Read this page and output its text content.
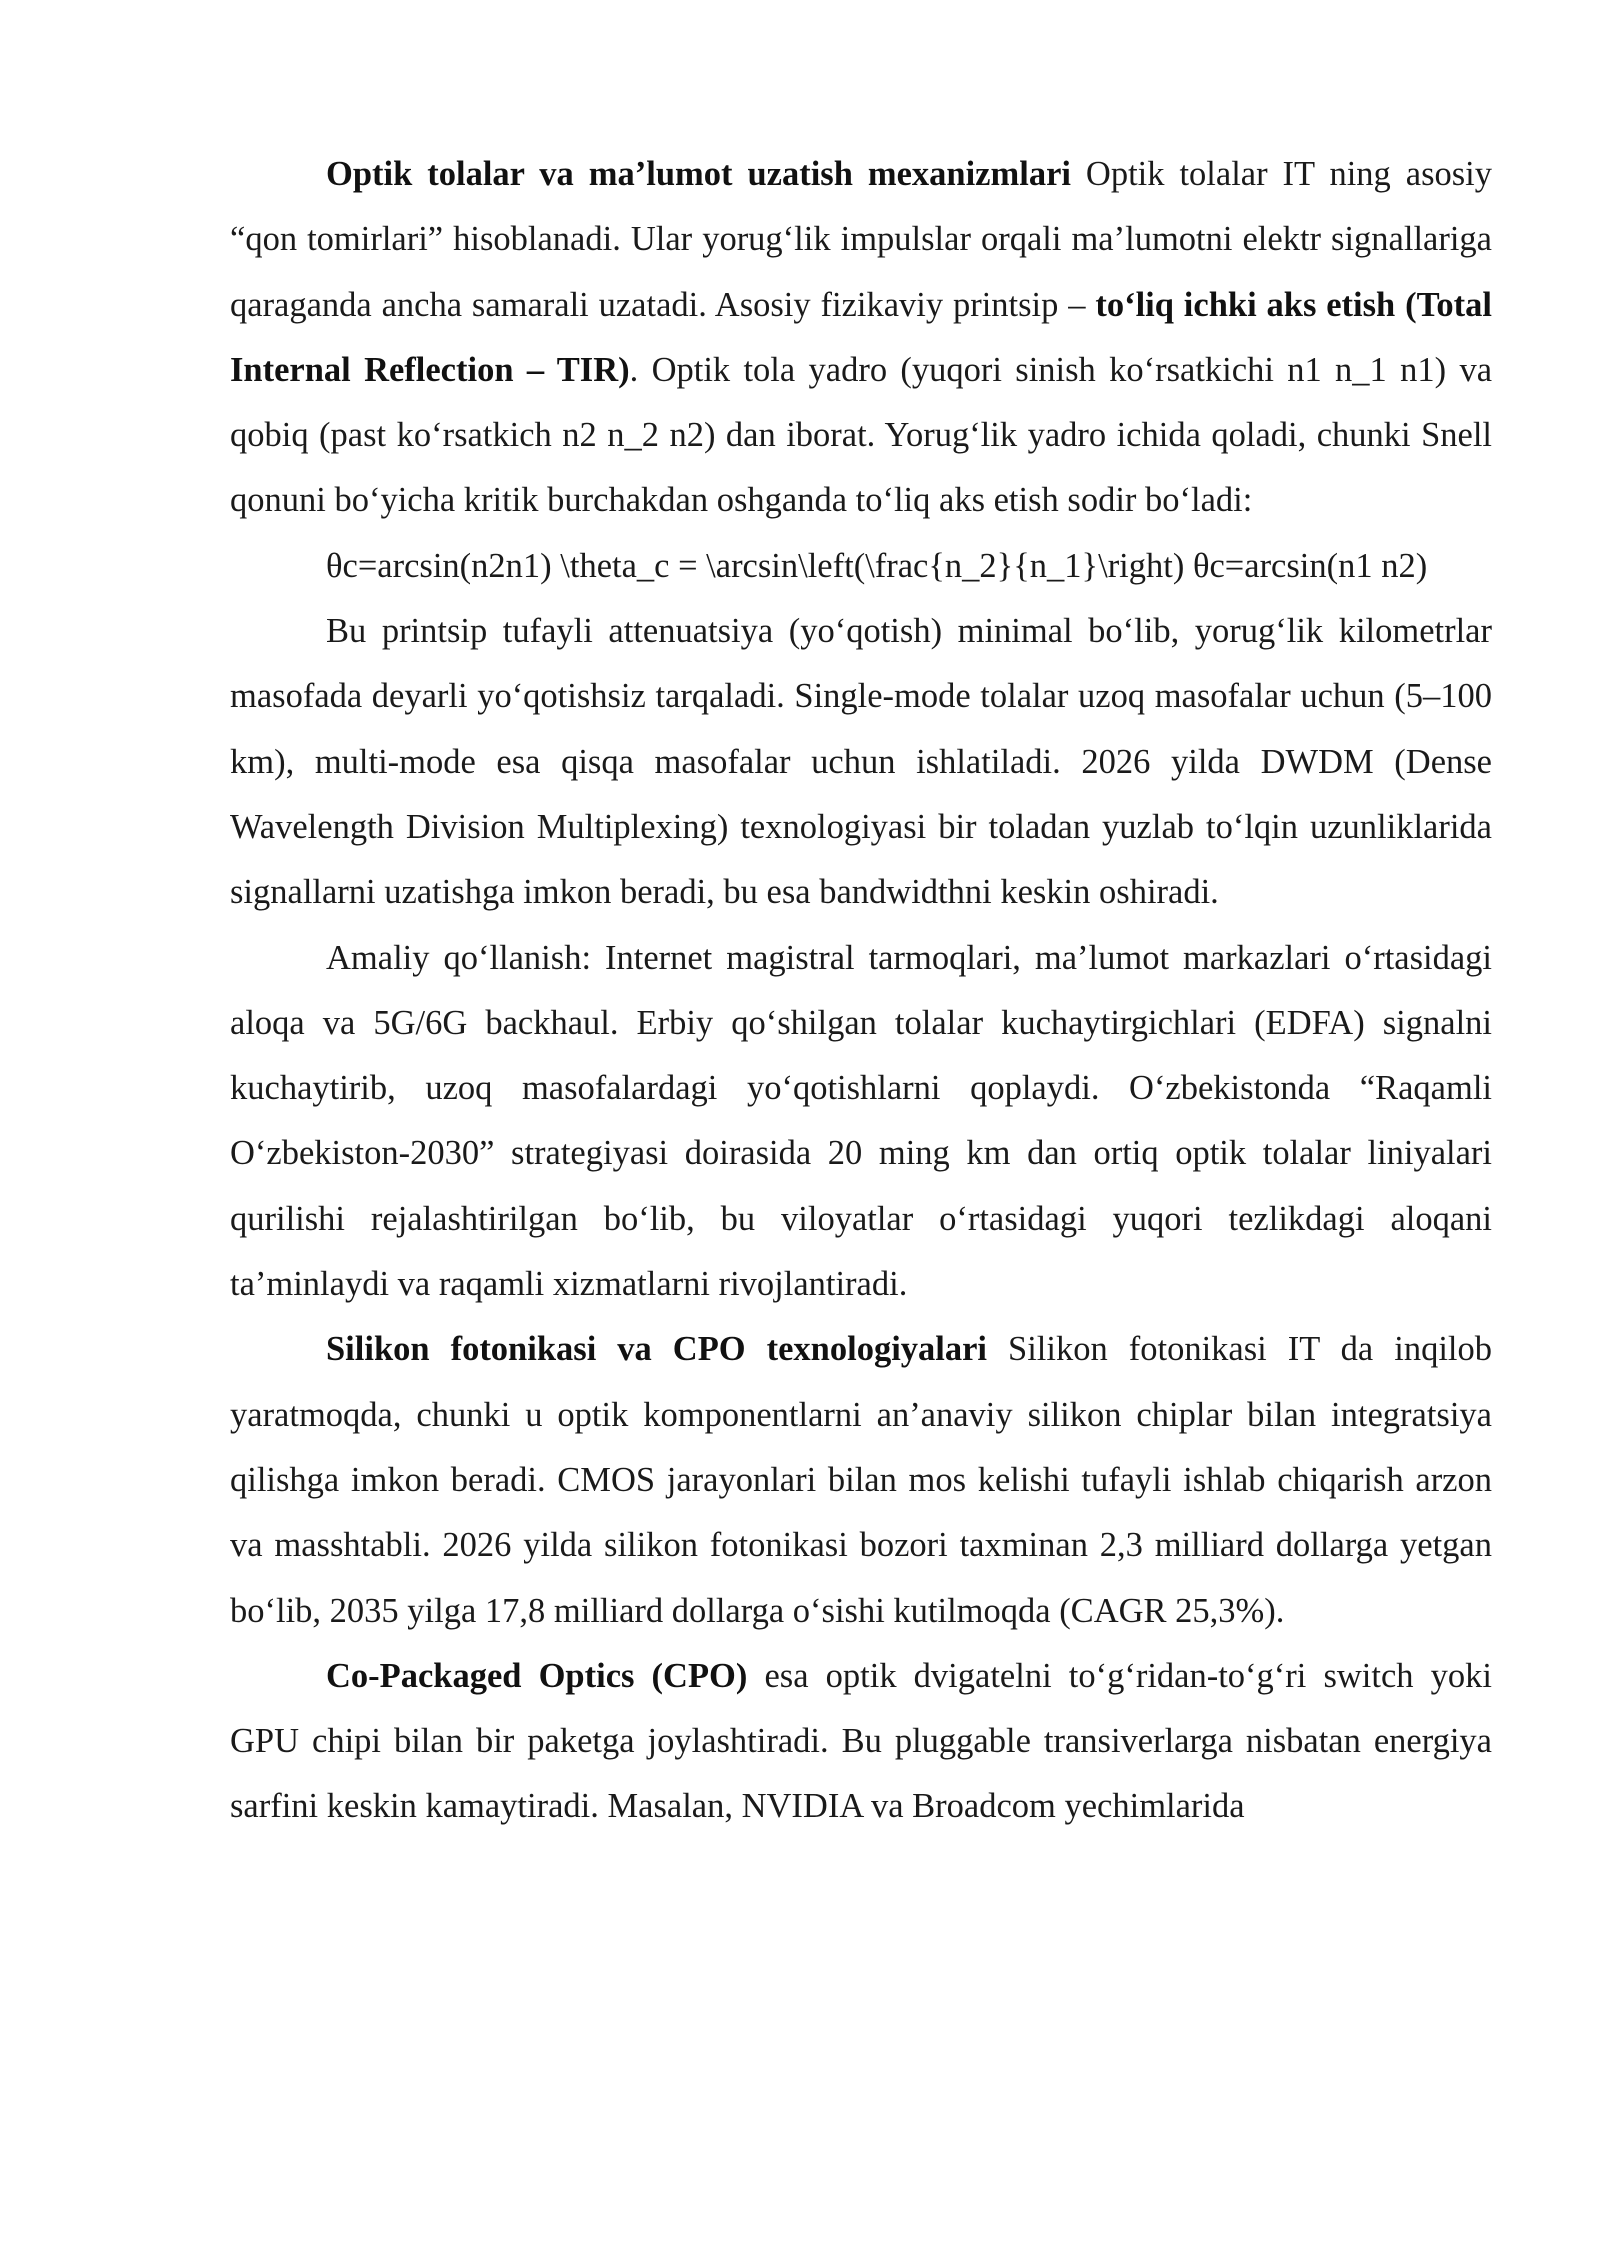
Optik tolalar va ma’lumot uzatish mexanizmlari Optik tolalar IT ning asosiy “qon tomirlari” hisoblanadi. Ular yorug‘lik impulslar orqali ma’lumotni elektr signallariga qaraganda ancha samarali uzatadi. Asosiy fizikaviy printsip – to‘liq ichki aks etish (Total Internal Reflection – TIR). Optik tola yadro (yuqori sinish ko‘rsatkichi n1 n_1 n1) va qobiq (past ko‘rsatkich n2 n_2 n2) dan iborat. Yorug‘lik yadro ichida qoladi, chunki Snell qonuni bo‘yicha kritik burchakdan oshganda to‘liq aks etish sodir bo‘ladi:

θc=arcsin(n2n1) \theta_c = \arcsin\left(\frac{n_2}{n_1}\right) θc=arcsin(n1 n2)

Bu printsip tufayli attenuatsiya (yo‘qotish) minimal bo‘lib, yorug‘lik kilometrlar masofada deyarli yo‘qotishsiz tarqaladi. Single-mode tolalar uzoq masofalar uchun (5–100 km), multi-mode esa qisqa masofalar uchun ishlatiladi. 2026 yilda DWDM (Dense Wavelength Division Multiplexing) texnologiyasi bir toladan yuzlab to‘lqin uzunliklarida signallarni uzatishga imkon beradi, bu esa bandwidthni keskin oshiradi.

Amaliy qo‘llanish: Internet magistral tarmoqlari, ma’lumot markazlari o‘rtasidagi aloqa va 5G/6G backhaul. Erbiy qo‘shilgan tolalar kuchaytirgichlari (EDFA) signalni kuchaytirib, uzoq masofalardagi yo‘qotishlarni qoplaydi. O‘zbekistonda “Raqamli O‘zbekiston-2030” strategiyasi doirasida 20 ming km dan ortiq optik tolalar liniyalari qurilishi rejalashtirilgan bo‘lib, bu viloyatlar o‘rtasidagi yuqori tezlikdagi aloqani ta’minlaydi va raqamli xizmatlarni rivojlantiradi.

Silikon fotonikasi va CPO texnologiyalari Silikon fotonikasi IT da inqilob yaratmoqda, chunki u optik komponentlarni an’anaviy silikon chiplar bilan integratsiya qilishga imkon beradi. CMOS jarayonlari bilan mos kelishi tufayli ishlab chiqarish arzon va masshtabli. 2026 yilda silikon fotonikasi bozori taxminan 2,3 milliard dollarga yetgan bo‘lib, 2035 yilga 17,8 milliard dollarga o‘sishi kutilmoqda (CAGR 25,3%).

Co-Packaged Optics (CPO) esa optik dvigatelni to‘g‘ridan-to‘g‘ri switch yoki GPU chipi bilan bir paketga joylashtiradi. Bu pluggable transiverlarga nisbatan energiya sarfini keskin kamaytiradi. Masalan, NVIDIA va Broadcom yechimlarida
